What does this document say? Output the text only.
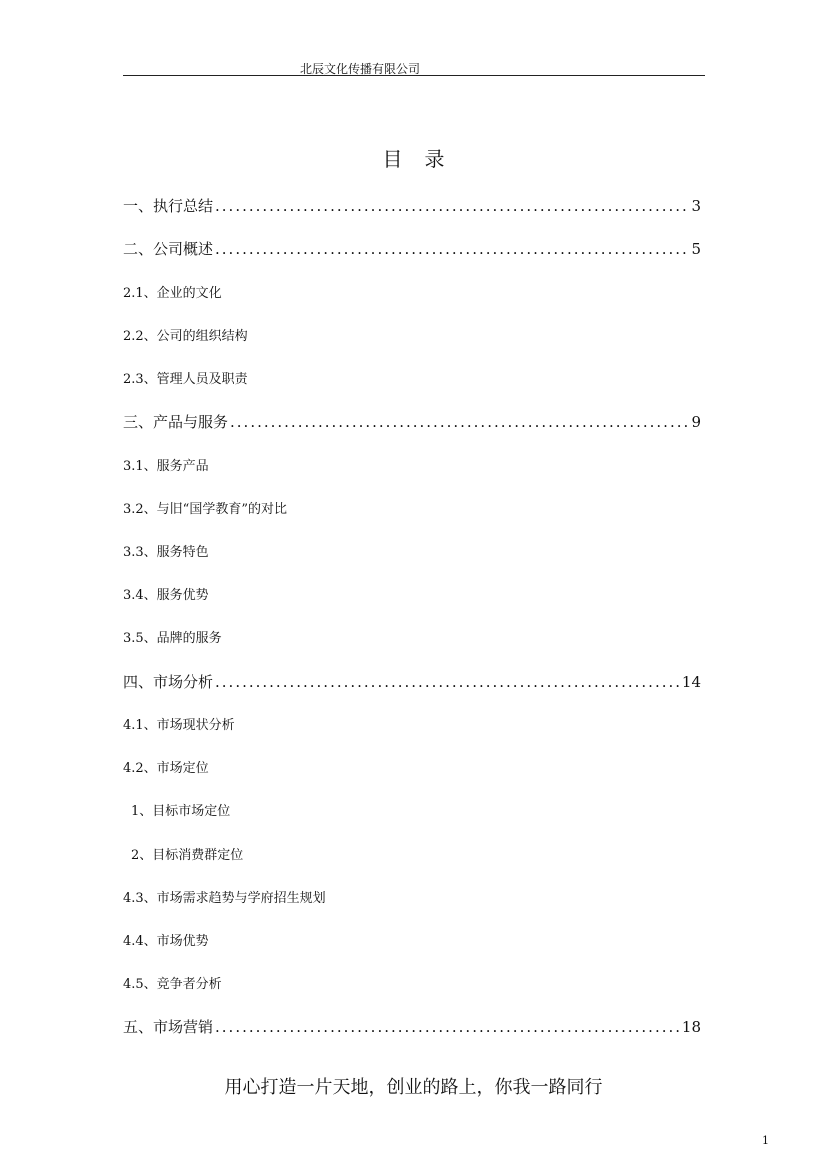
北辰文化传播有限公司
目录
一、执行总结 .....	3
二、公司概述 .....	5
2.1、企业的文化
2.2、公司的组织结构
2.3、管理人员及职责
三、产品与服务 .....	9
3.1、服务产品
3.2、与旧“国学教育”的对比
3.3、服务特色
3.4、服务优势
3.5、品牌的服务
四、市场分析 .....	14
4.1、市场现状分析
4.2、市场定位
1、目标市场定位
2、目标消费群定位
4.3、市场需求趋势与学府招生规划
4.4、市场优势
4.5、竞争者分析
五、市场营销 .....	18
用心打造一片天地，创业的路上，你我一路同行
1
